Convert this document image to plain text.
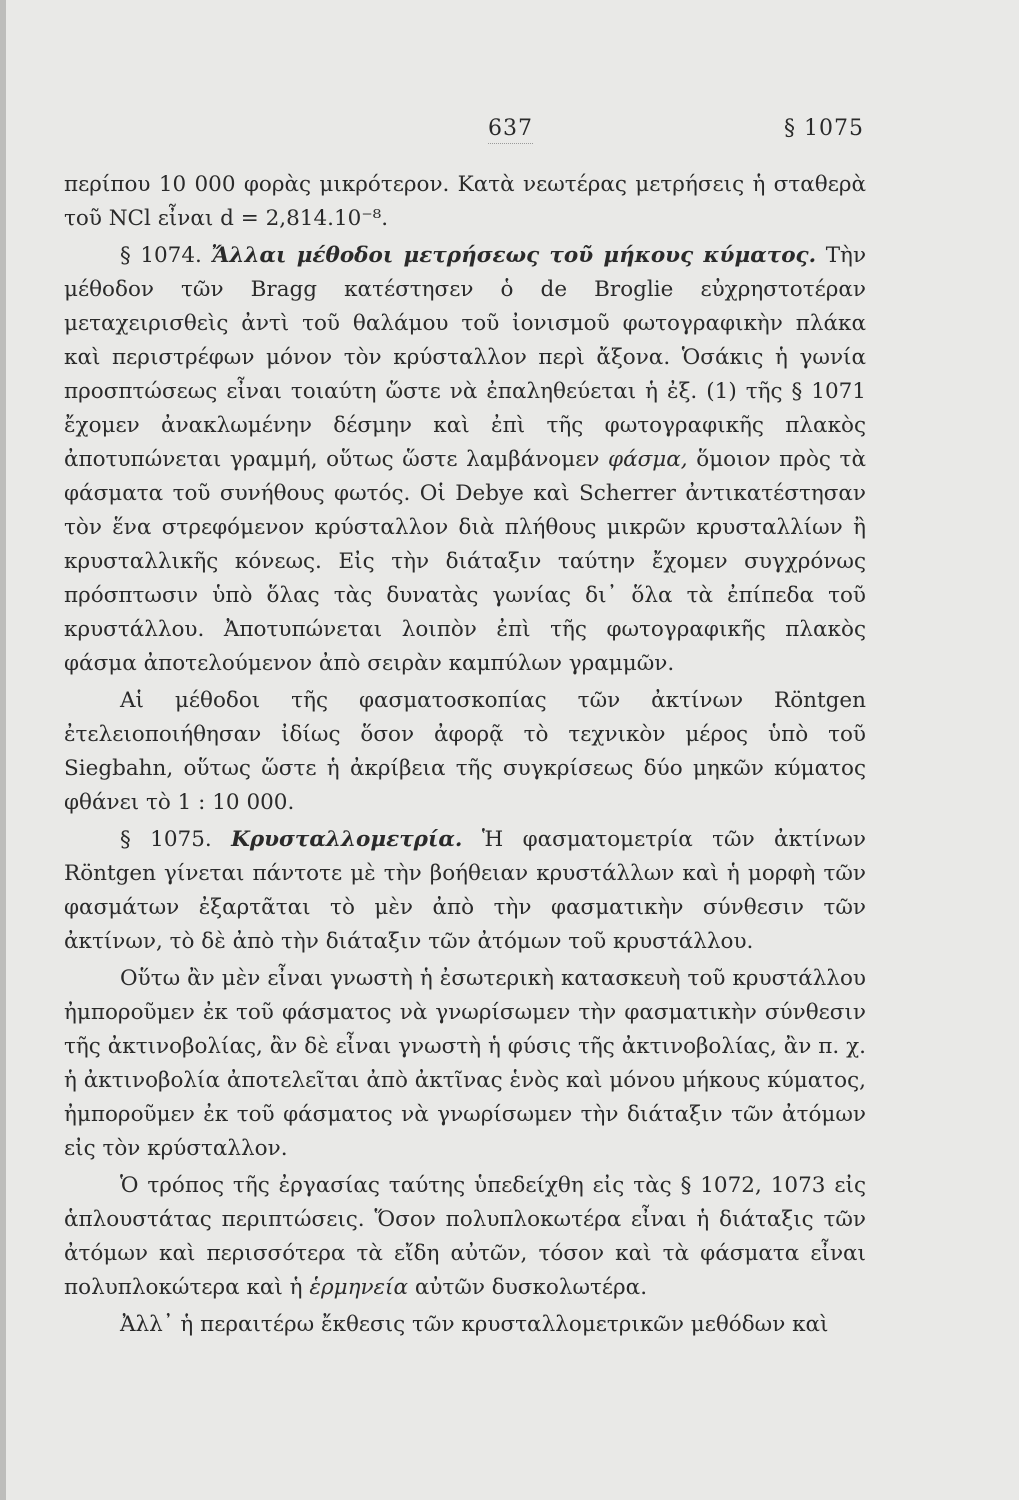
637	§ 1075

περίπου 10 000 φορὰς μικρότερον. Κατὰ νεωτέρας μετρήσεις ἡ σταθερὰ τοῦ NCl εἶναι d = 2,814.10⁻⁸.

§ 1074. Ἄλλαι μέθοδοι μετρήσεως τοῦ μήκους κύματος. Τὴν μέθοδον τῶν Bragg κατέστησεν ὁ de Broglie εὐχρηστοτέραν μεταχειρισθεὶς ἀντὶ τοῦ θαλάμου τοῦ ἰονισμοῦ φωτογραφικὴν πλάκα καὶ περιστρέφων μόνον τὸν κρύσταλλον περὶ ἄξονα. Ὁσάκις ἡ γωνία προσπτώσεως εἶναι τοιαύτη ὥστε νὰ ἐπαληθεύεται ἡ ἐξ. (1) τῆς § 1071 ἔχομεν ἀνακλωμένην δέσμην καὶ ἐπὶ τῆς φωτογραφικῆς πλακὸς ἀποτυπώνεται γραμμή, οὕτως ὥστε λαμβάνομεν φάσμα, ὅμοιον πρὸς τὰ φάσματα τοῦ συνήθους φωτός. Οἱ Debye καὶ Scherrer ἀντικατέστησαν τὸν ἕνα στρεφόμενον κρύσταλλον διὰ πλήθους μικρῶν κρυσταλλίων ἢ κρυσταλλικῆς κόνεως. Εἰς τὴν διάταξιν ταύτην ἔχομεν συγχρόνως πρόσπτωσιν ὑπὸ ὅλας τὰς δυνατὰς γωνίας δι᾽ ὅλα τὰ ἐπίπεδα τοῦ κρυστάλλου. Ἀποτυπώνεται λοιπὸν ἐπὶ τῆς φωτογραφικῆς πλακὸς φάσμα ἀποτελούμενον ἀπὸ σειρὰν καμπύλων γραμμῶν.

Αἱ μέθοδοι τῆς φασματοσκοπίας τῶν ἀκτίνων Röntgen ἐτελειοποιήθησαν ἰδίως ὅσον ἀφορᾷ τὸ τεχνικὸν μέρος ὑπὸ τοῦ Siegbahn, οὕτως ὥστε ἡ ἀκρίβεια τῆς συγκρίσεως δύο μηκῶν κύματος φθάνει τὸ 1 : 10 000.

§ 1075. Κρυσταλλομετρία. Ἡ φασματομετρία τῶν ἀκτίνων Röntgen γίνεται πάντοτε μὲ τὴν βοήθειαν κρυστάλλων καὶ ἡ μορφὴ τῶν φασμάτων ἐξαρτᾶται τὸ μὲν ἀπὸ τὴν φασματικὴν σύνθεσιν τῶν ἀκτίνων, τὸ δὲ ἀπὸ τὴν διάταξιν τῶν ἀτόμων τοῦ κρυστάλλου.

Οὕτω ἂν μὲν εἶναι γνωστὴ ἡ ἐσωτερικὴ κατασκευὴ τοῦ κρυστάλλου ἠμποροῦμεν ἐκ τοῦ φάσματος νὰ γνωρίσωμεν τὴν φασματικὴν σύνθεσιν τῆς ἀκτινοβολίας, ἂν δὲ εἶναι γνωστὴ ἡ φύσις τῆς ἀκτινοβολίας, ἂν π. χ. ἡ ἀκτινοβολία ἀποτελεῖται ἀπὸ ἀκτῖνας ἑνὸς καὶ μόνου μήκους κύματος, ἠμποροῦμεν ἐκ τοῦ φάσματος νὰ γνωρίσωμεν τὴν διάταξιν τῶν ἀτόμων εἰς τὸν κρύσταλλον.

Ὁ τρόπος τῆς ἐργασίας ταύτης ὑπεδείχθη εἰς τὰς § 1072, 1073 εἰς ἁπλουστάτας περιπτώσεις. Ὅσον πολυπλοκωτέρα εἶναι ἡ διάταξις τῶν ἀτόμων καὶ περισσότερα τὰ εἴδη αὐτῶν, τόσον καὶ τὰ φάσματα εἶναι πολυπλοκώτερα καὶ ἡ ἑρμηνεία αὐτῶν δυσκολωτέρα.

Ἀλλ᾽ ἡ περαιτέρω ἔκθεσις τῶν κρυσταλλομετρικῶν μεθόδων καὶ
